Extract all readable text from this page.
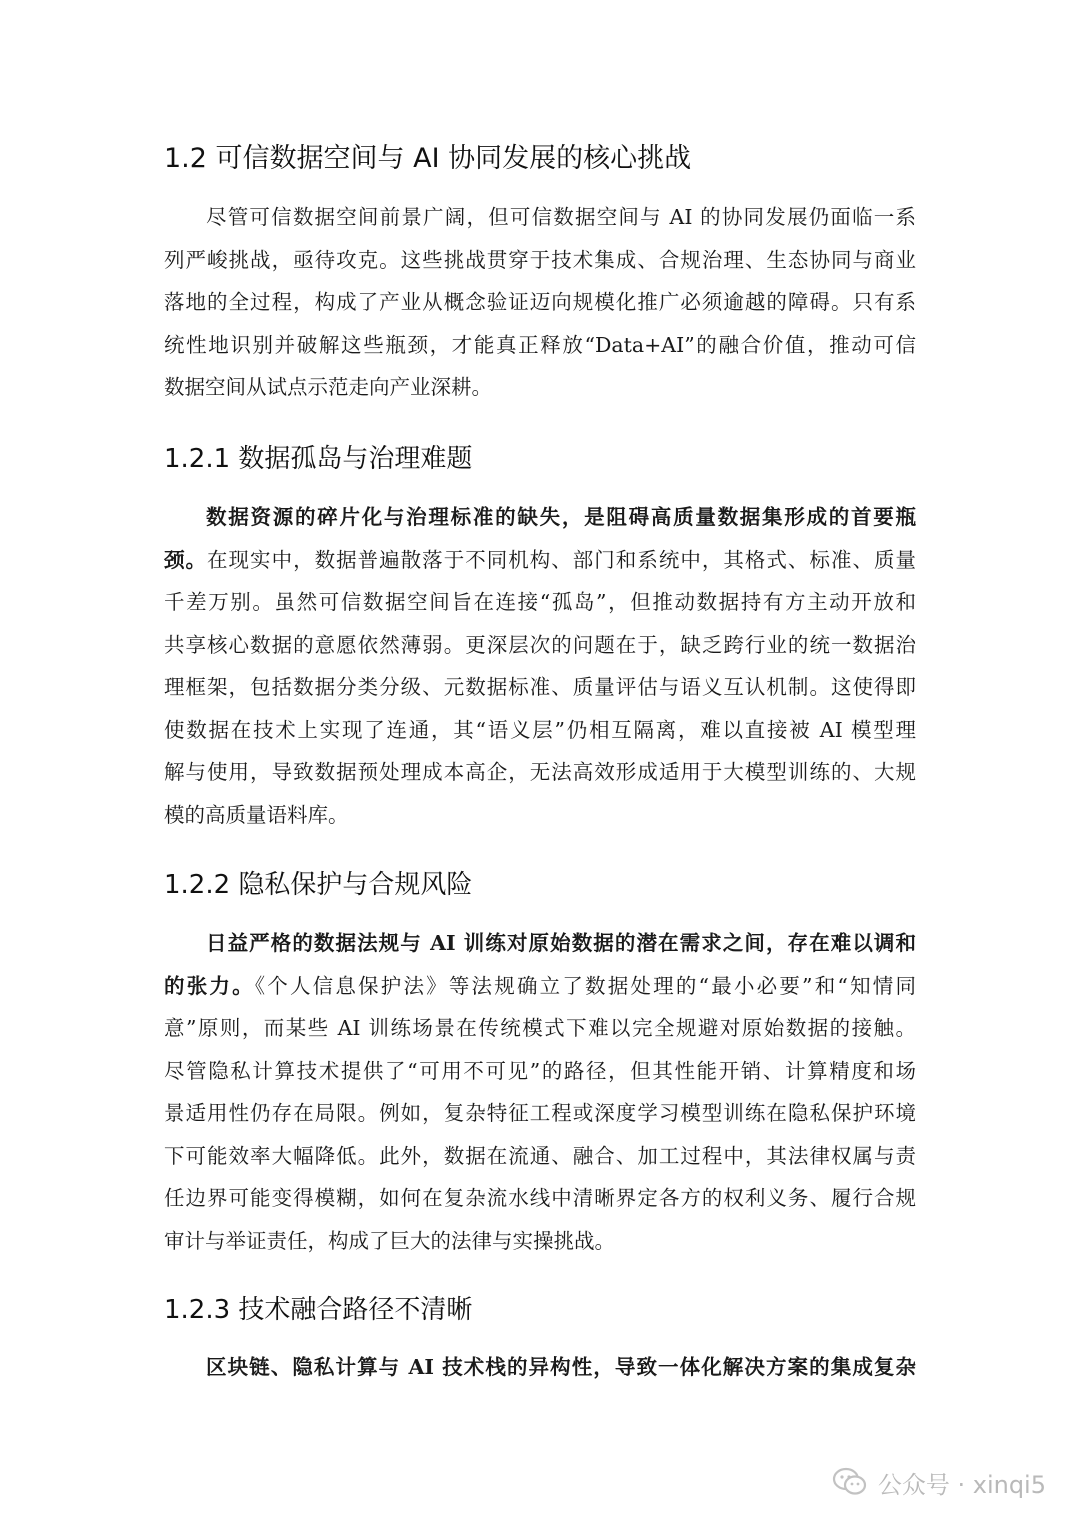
1.2 可信数据空间与 AI 协同发展的核心挑战
尽管可信数据空间前景广阔，但可信数据空间与 AI 的协同发展仍面临一系
列严峻挑战，亟待攻克。这些挑战贯穿于技术集成、合规治理、生态协同与商业
落地的全过程，构成了产业从概念验证迈向规模化推广必须逾越的障碍。只有系
统性地识别并破解这些瓶颈，才能真正释放“Data+AI”的融合价值，推动可信
数据空间从试点示范走向产业深耕。
1.2.1 数据孤岛与治理难题
数据资源的碎片化与治理标准的缺失，是阻碍高质量数据集形成的首要瓶
颈。在现实中，数据普遍散落于不同机构、部门和系统中，其格式、标准、质量
千差万别。虽然可信数据空间旨在连接“孤岛”，但推动数据持有方主动开放和
共享核心数据的意愿依然薄弱。更深层次的问题在于，缺乏跨行业的统一数据治
理框架，包括数据分类分级、元数据标准、质量评估与语义互认机制。这使得即
使数据在技术上实现了连通，其“语义层”仍相互隔离，难以直接被 AI 模型理
解与使用，导致数据预处理成本高企，无法高效形成适用于大模型训练的、大规
模的高质量语料库。
1.2.2 隐私保护与合规风险
日益严格的数据法规与 AI 训练对原始数据的潜在需求之间，存在难以调和
的张力。《个人信息保护法》等法规确立了数据处理的“最小必要”和“知情同
意”原则，而某些 AI 训练场景在传统模式下难以完全规避对原始数据的接触。
尽管隐私计算技术提供了“可用不可见”的路径，但其性能开销、计算精度和场
景适用性仍存在局限。例如，复杂特征工程或深度学习模型训练在隐私保护环境
下可能效率大幅降低。此外，数据在流通、融合、加工过程中，其法律权属与责
任边界可能变得模糊，如何在复杂流水线中清晰界定各方的权利义务、履行合规
审计与举证责任，构成了巨大的法律与实操挑战。
1.2.3 技术融合路径不清晰
区块链、隐私计算与 AI 技术栈的异构性，导致一体化解决方案的集成复杂
公众号 · xinqi5
